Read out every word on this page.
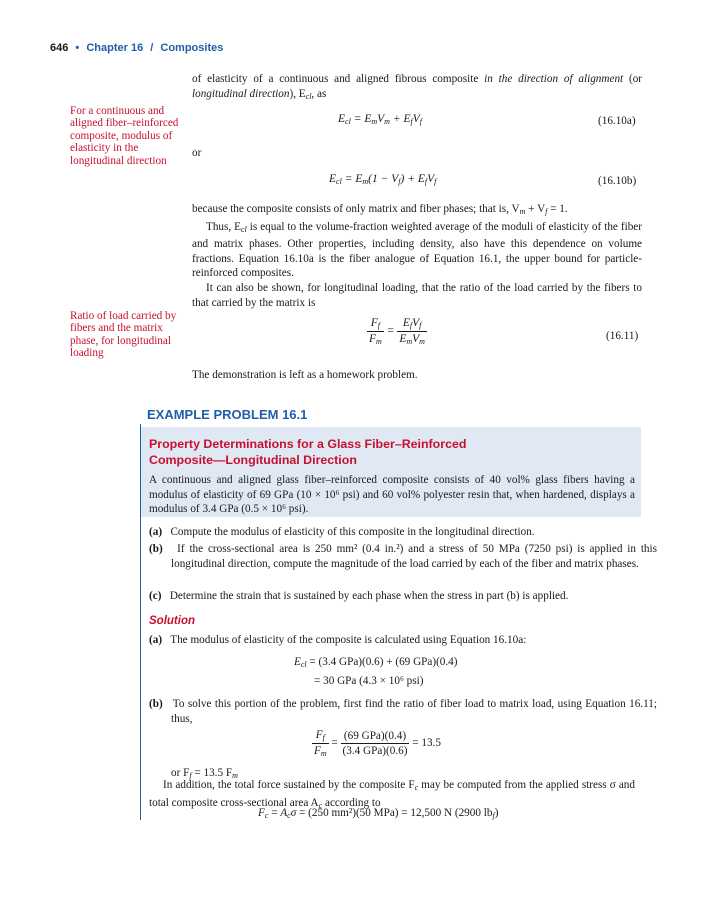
646 • Chapter 16 / Composites
of elasticity of a continuous and aligned fibrous composite in the direction of alignment (or longitudinal direction), $E_{cl}$, as
For a continuous and aligned fiber–reinforced composite, modulus of elasticity in the longitudinal direction
$E_{cl} = E_mV_m + E_fV_f$	(16.10a)
or
$E_{cl} = E_m(1 - V_f) + E_fV_f$	(16.10b)
because the composite consists of only matrix and fiber phases; that is, $V_m + V_f = 1$.
Thus, $E_{cl}$ is equal to the volume-fraction weighted average of the moduli of elasticity of the fiber and matrix phases. Other properties, including density, also have this dependence on volume fractions. Equation 16.10a is the fiber analogue of Equation 16.1, the upper bound for particle-reinforced composites.
It can also be shown, for longitudinal loading, that the ratio of the load carried by the fibers to that carried by the matrix is
Ratio of load carried by fibers and the matrix phase, for longitudinal loading
$\frac{F_f}{F_m} = \frac{E_fV_f}{E_mV_m}$	(16.11)
The demonstration is left as a homework problem.
EXAMPLE PROBLEM 16.1
Property Determinations for a Glass Fiber–Reinforced
Composite—Longitudinal Direction
A continuous and aligned glass fiber–reinforced composite consists of 40 vol% glass fibers having a modulus of elasticity of 69 GPa (10 × 10⁶ psi) and 60 vol% polyester resin that, when hardened, displays a modulus of 3.4 GPa (0.5 × 10⁶ psi).
(a) Compute the modulus of elasticity of this composite in the longitudinal direction.
(b) If the cross-sectional area is 250 mm² (0.4 in.²) and a stress of 50 MPa (7250 psi) is applied in this longitudinal direction, compute the magnitude of the load carried by each of the fiber and matrix phases.
(c) Determine the strain that is sustained by each phase when the stress in part (b) is applied.
Solution
(a) The modulus of elasticity of the composite is calculated using Equation 16.10a:
$E_{cl} = (3.4$ GPa)(0.6) + (69 GPa)(0.4)
= 30 GPa (4.3 × 10⁶ psi)
(b) To solve this portion of the problem, first find the ratio of fiber load to matrix load, using Equation 16.11; thus,
$\frac{F_f}{F_m} = \frac{\text{(69 GPa)(0.4)}}{\text{(3.4 GPa)(0.6)}} = 13.5$
or $F_f = 13.5$ $F_m$
In addition, the total force sustained by the composite $F_c$ may be computed from the applied stress σ and total composite cross-sectional area $A_c$ according to
$F_c = A_c\sigma = (250$ mm²)(50 MPa) = 12,500 N (2900 $lb_f$)
